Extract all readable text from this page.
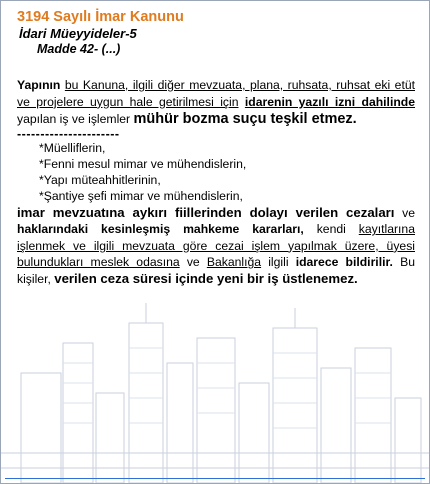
3194 Sayılı İmar Kanunu
İdari Müeyyideler-5
Madde 42- (...)
Yapının bu Kanuna, ilgili diğer mevzuata, plana, ruhsata, ruhsat eki etüt ve projelere uygun hale getirilmesi için idarenin yazılı izni dahilinde yapılan iş ve işlemler mühür bozma suçu teşkil etmez.
----------------------
*Müelliflerin,
*Fenni mesul mimar ve mühendislerin,
*Yapı müteahhitlerinin,
*Şantiye şefi mimar ve mühendislerin,
imar mevzuatına aykırı fiillerinden dolayı verilen cezaları ve haklarındaki kesinleşmiş mahkeme kararları, kendi kayıtlarına işlenmek ve ilgili mevzuata göre cezai işlem yapılmak üzere, üyesi bulundukları meslek odasına ve Bakanlığa ilgili idarece bildirilir. Bu kişiler, verilen ceza süresi içinde yeni bir iş üstlenemez.
